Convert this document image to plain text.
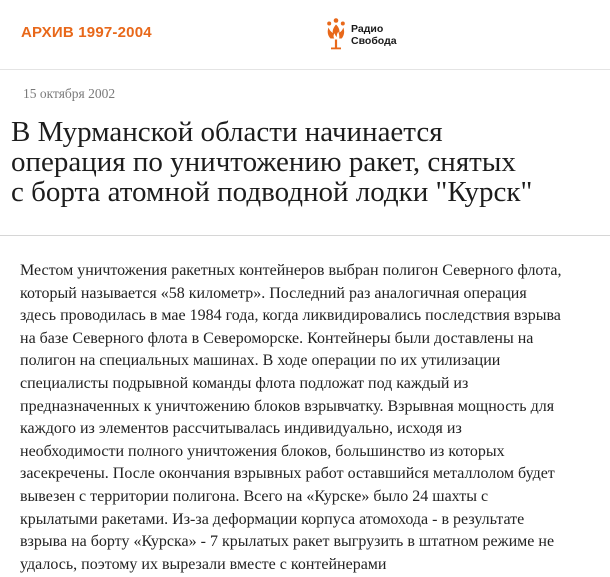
АРХИВ 1997-2004	Радио
Свобода
15 октября 2002
В Мурманской области начинается
операция по уничтожению ракет, снятых
с борта атомной подводной лодки "Курск"
Местом уничтожения ракетных контейнеров выбран полигон Северного флота,
который называется «58 километр». Последний раз аналогичная операция
здесь проводилась в мае 1984 года, когда ликвидировались последствия взрыва
на базе Северного флота в Североморске. Контейнеры были доставлены на
полигон на специальных машинах. В ходе операции по их утилизации
специалисты подрывной команды флота подложат под каждый из
предназначенных к уничтожению блоков взрывчатку. Взрывная мощность для
каждого из элементов рассчитывалась индивидуально, исходя из
необходимости полного уничтожения блоков, большинство из которых
засекречены. После окончания взрывных работ оставшийся металлолом будет
вывезен с территории полигона. Всего на «Курске» было 24 шахты с
крылатыми ракетами. Из-за деформации корпуса атомохода - в результате
взрыва на борту «Курска» - 7 крылатых ракет выгрузить в штатном режиме не
удалось, поэтому их вырезали вместе с контейнерами
